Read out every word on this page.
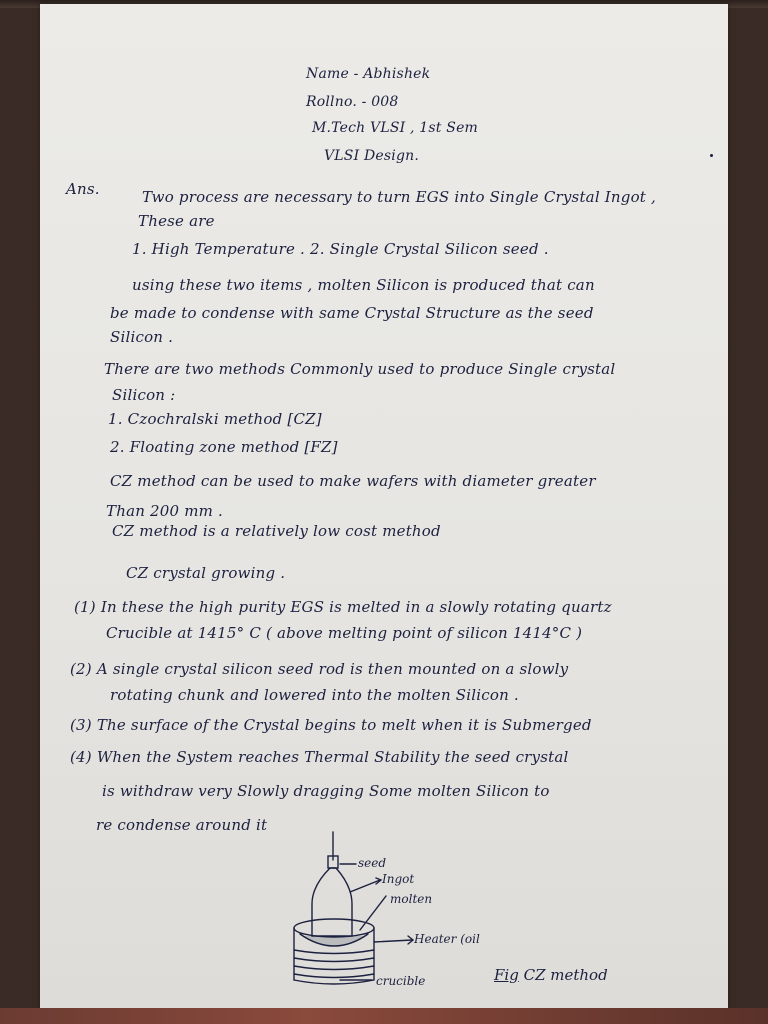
Name - Abhishek
Rollno. - 008
M.Tech VLSI , 1st Sem
VLSI Design.
Ans.	Two process are necessary to turn EGS into Single Crystal Ingot ,
These are
1. High Temperature . 2. Single Crystal Silicon seed .
using these two items , molten Silicon is produced that can
be made to condense with same Crystal Structure as the seed
Silicon .
There are two methods Commonly used to produce Single crystal
Silicon :
1. Czochralski method [CZ]
2. Floating zone method [FZ]
CZ method can be used to make wafers with diameter greater
Than 200 mm .
CZ method is a relatively low cost method
CZ crystal growing .
(1) In these the high purity EGS is melted in a slowly rotating quartz
Crucible at 1415° C ( above melting point of silicon 1414°C )
(2) A single crystal silicon seed rod is then mounted on a slowly
rotating chunk and lowered into the molten Silicon .
(3) The surface of the Crystal begins to melt when it is Submerged
(4) When the System reaches Thermal Stability the seed crystal
is withdraw very Slowly dragging Some molten Silicon to
re condense around it
seed
Ingot
molten
Heater (oil
crucible	Fig CZ method
